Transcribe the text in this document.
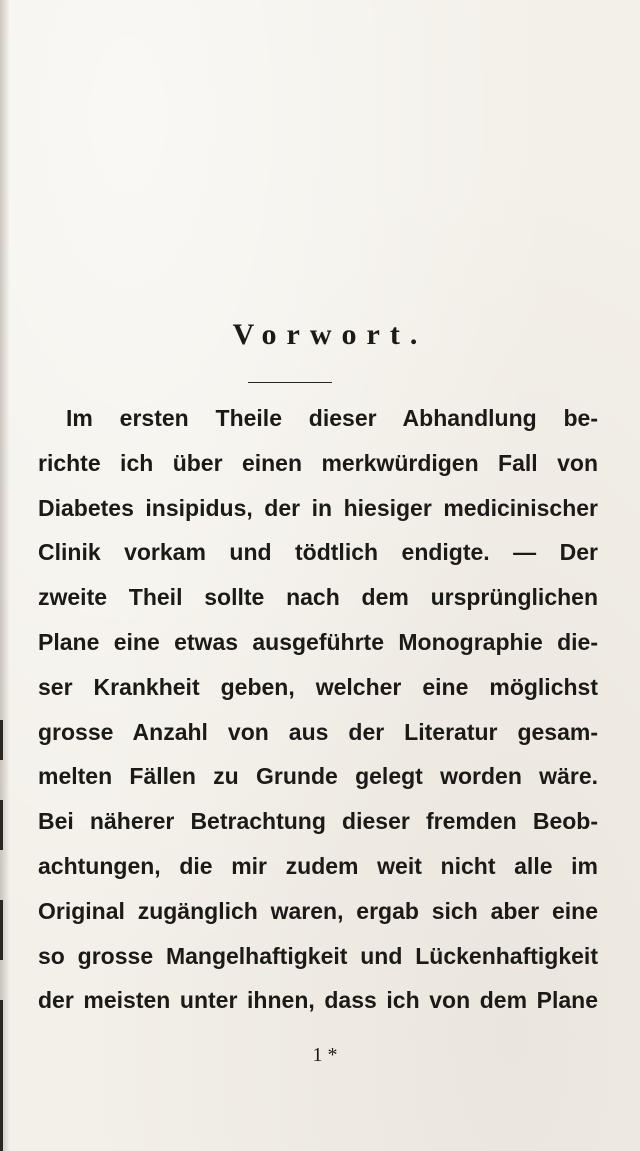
Vorwort.
Im ersten Theile dieser Abhandlung be-
richte ich über einen merkwürdigen Fall von
Diabetes insipidus, der in hiesiger medicinischer
Clinik vorkam und tödtlich endigte. — Der
zweite Theil sollte nach dem ursprünglichen
Plane eine etwas ausgeführte Monographie die-
ser Krankheit geben, welcher eine möglichst
grosse Anzahl von aus der Literatur gesam-
melten Fällen zu Grunde gelegt worden wäre.
Bei näherer Betrachtung dieser fremden Beob-
achtungen, die mir zudem weit nicht alle im
Original zugänglich waren, ergab sich aber eine
so grosse Mangelhaftigkeit und Lückenhaftigkeit
der meisten unter ihnen, dass ich von dem Plane
1 *
